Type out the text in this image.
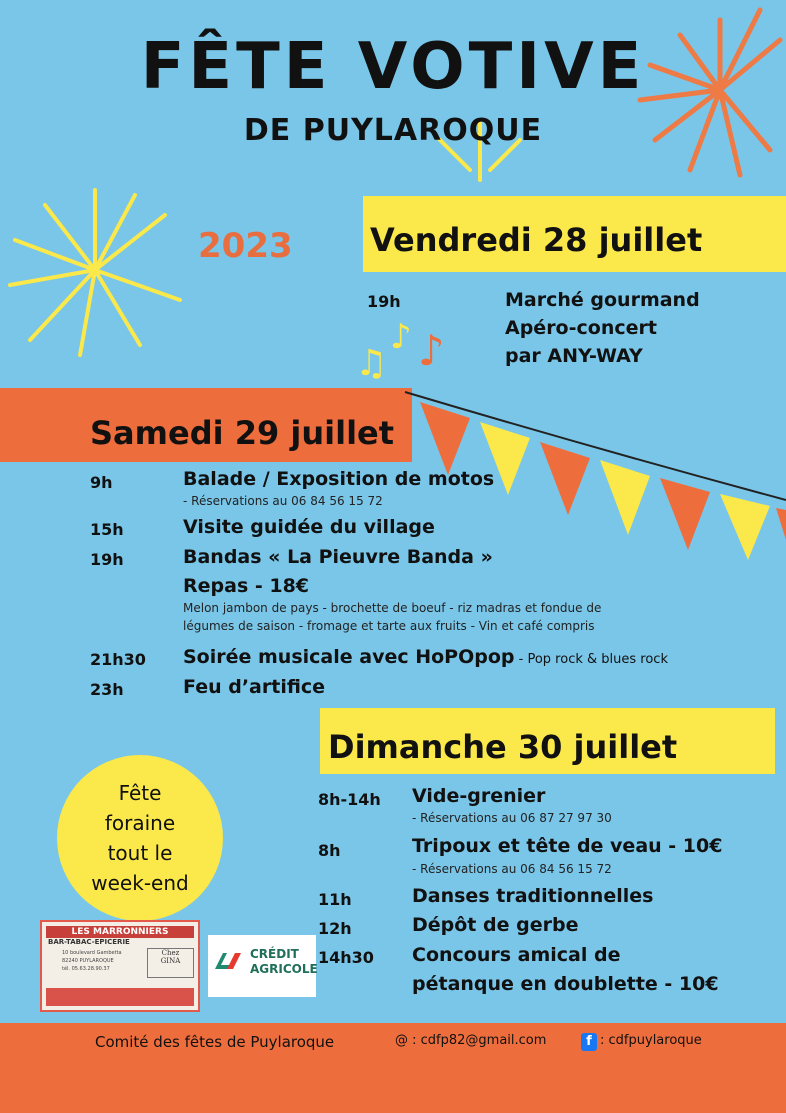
♫
♪ ♪
FÊTE VOTIVE
DE PUYLAROQUE
2023 Vendredi 28 juillet
19h	Marché gourmand
Apéro-concert
par ANY-WAY
Samedi 29 juillet
9h	Balade / Exposition de motos
- Réservations au 06 84 56 15 72
15h	Visite guidée du village
19h	Bandas « La Pieuvre Banda »
Repas - 18€
Melon jambon de pays - brochette de boeuf - riz madras et fondue de
légumes de saison - fromage et tarte aux fruits - Vin et café compris
21h30 Soirée musicale avec HoPOpop - Pop rock & blues rock
23h	Feu d’artifice
Dimanche 30 juillet
8h-14h Vide-grenier
- Réservations au 06 87 27 97 30
8h	Tripoux et tête de veau - 10€
- Réservations au 06 84 56 15 72
11h	Danses traditionnelles
12h	Dépôt de gerbe
14h30 Concours amical de
pétanque en doublette - 10€
Fête
foraine
tout le
week-end
LES MARRONNIERS
BAR-TABAC-EPICERIE
10 boulevard Gambetta
82240 PUYLAROQUE
tél. 05.63.28.90.37
Chez
GINA	CRÉDIT
AGRICOLE
Comité des fêtes de Puylaroque	@ : cdfp82@gmail.com	f : cdfpuylaroque
